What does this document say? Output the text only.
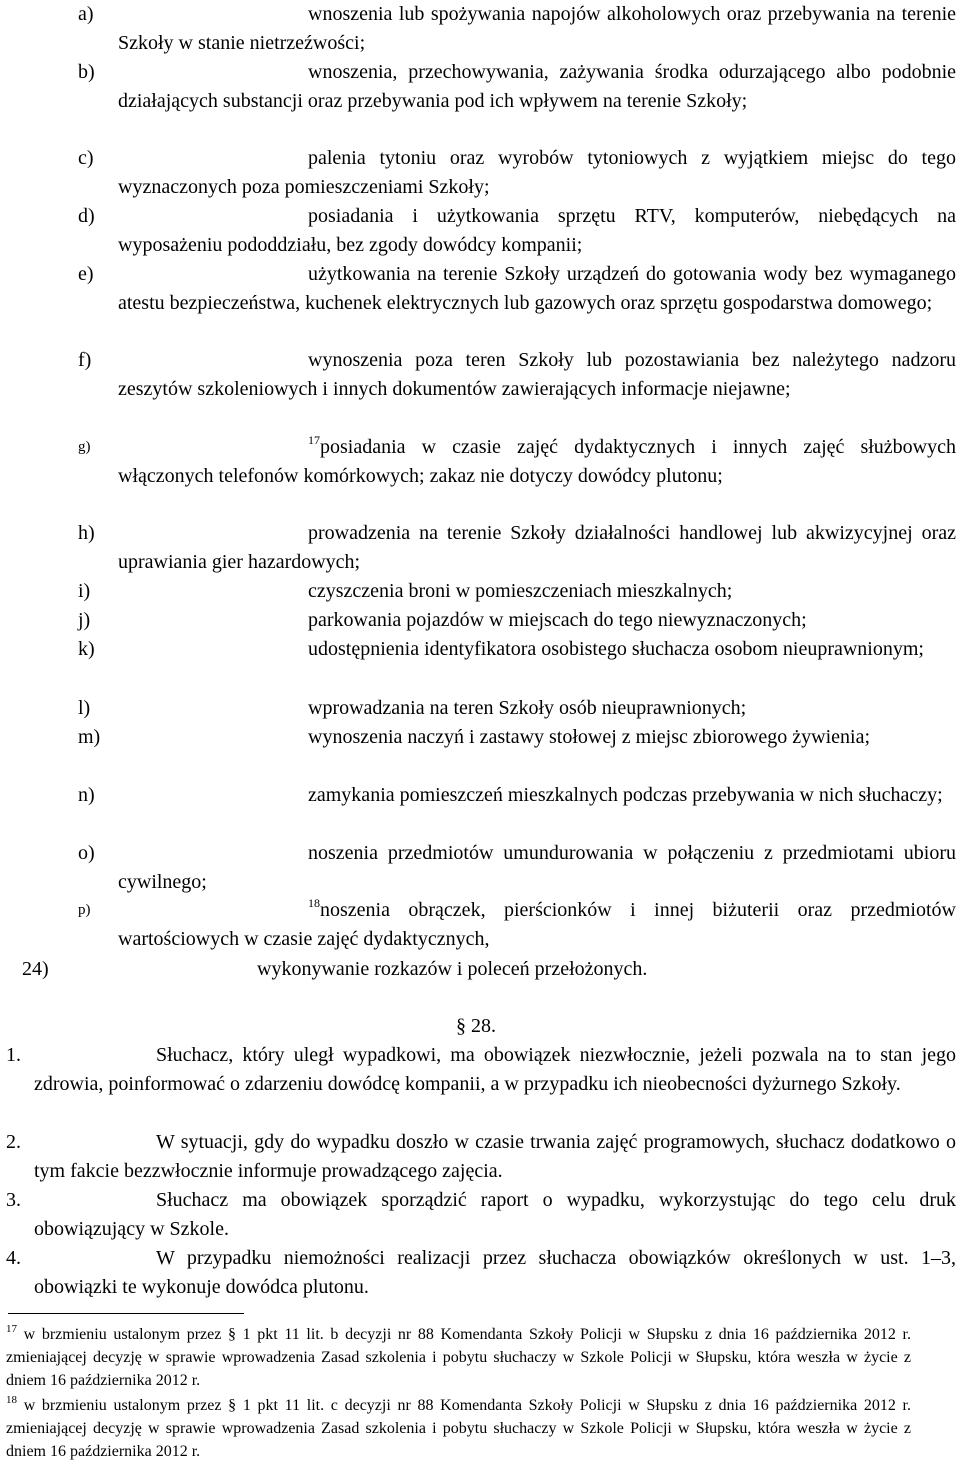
a)	wnoszenia lub spożywania napojów alkoholowych oraz przebywania na terenie Szkoły w stanie nietrzeźwości;
b)	wnoszenia, przechowywania, zażywania środka odurzającego albo podobnie działających substancji oraz przebywania pod ich wpływem na terenie Szkoły;
c)	palenia tytoniu oraz wyrobów tytoniowych z wyjątkiem miejsc do tego wyznaczonych poza pomieszczeniami Szkoły;
d)	posiadania i użytkowania sprzętu RTV, komputerów, niebędących na wyposażeniu pododdziału, bez zgody dowódcy kompanii;
e)	użytkowania na terenie Szkoły urządzeń do gotowania wody bez wymaganego atestu bezpieczeństwa, kuchenek elektrycznych lub gazowych oraz sprzętu gospodarstwa domowego;
f)	wynoszenia poza teren Szkoły lub pozostawiania bez należytego nadzoru zeszytów szkoleniowych i innych dokumentów zawierających informacje niejawne;
g)	$^{17}$posiadania w czasie zajęć dydaktycznych i innych zajęć służbowych włączonych telefonów komórkowych; zakaz nie dotyczy dowódcy plutonu;
h)	prowadzenia na terenie Szkoły działalności handlowej lub akwizycyjnej oraz uprawiania gier hazardowych;
i)	czyszczenia broni w pomieszczeniach mieszkalnych;
j)	parkowania pojazdów w miejscach do tego niewyznaczonych;
k)	udostępnienia identyfikatora osobistego słuchacza osobom nieuprawnionym;
l)	wprowadzania na teren Szkoły osób nieuprawnionych;
m)	wynoszenia naczyń i zastawy stołowej z miejsc zbiorowego żywienia;
n)	zamykania pomieszczeń mieszkalnych podczas przebywania w nich słuchaczy;
o)	noszenia przedmiotów umundurowania w połączeniu z przedmiotami ubioru cywilnego;
p)	$^{18}$noszenia obrączek, pierścionków i innej biżuterii oraz przedmiotów wartościowych w czasie zajęć dydaktycznych,
24)	wykonywanie rozkazów i poleceń przełożonych.
§ 28.
1.	Słuchacz, który uległ wypadkowi, ma obowiązek niezwłocznie, jeżeli pozwala na to stan jego zdrowia, poinformować o zdarzeniu dowódcę kompanii, a w przypadku ich nieobecności dyżurnego Szkoły.
2.	W sytuacji, gdy do wypadku doszło w czasie trwania zajęć programowych, słuchacz dodatkowo o tym fakcie bezzwłocznie informuje prowadzącego zajęcia.
3.	Słuchacz ma obowiązek sporządzić raport o wypadku, wykorzystując do tego celu druk obowiązujący w Szkole.
4.	W przypadku niemożności realizacji przez słuchacza obowiązków określonych w ust. 1–3, obowiązki te wykonuje dowódca plutonu.
$^{17}$ w brzmieniu ustalonym przez § 1 pkt 11 lit. b decyzji nr 88 Komendanta Szkoły Policji w Słupsku z dnia 16 października 2012 r. zmieniającej decyzję w sprawie wprowadzenia Zasad szkolenia i pobytu słuchaczy w Szkole Policji w Słupsku, która weszła w życie z dniem 16 października 2012 r.
$^{18}$ w brzmieniu ustalonym przez § 1 pkt 11 lit. c decyzji nr 88 Komendanta Szkoły Policji w Słupsku z dnia 16 października 2012 r. zmieniającej decyzję w sprawie wprowadzenia Zasad szkolenia i pobytu słuchaczy w Szkole Policji w Słupsku, która weszła w życie z dniem 16 października 2012 r.
